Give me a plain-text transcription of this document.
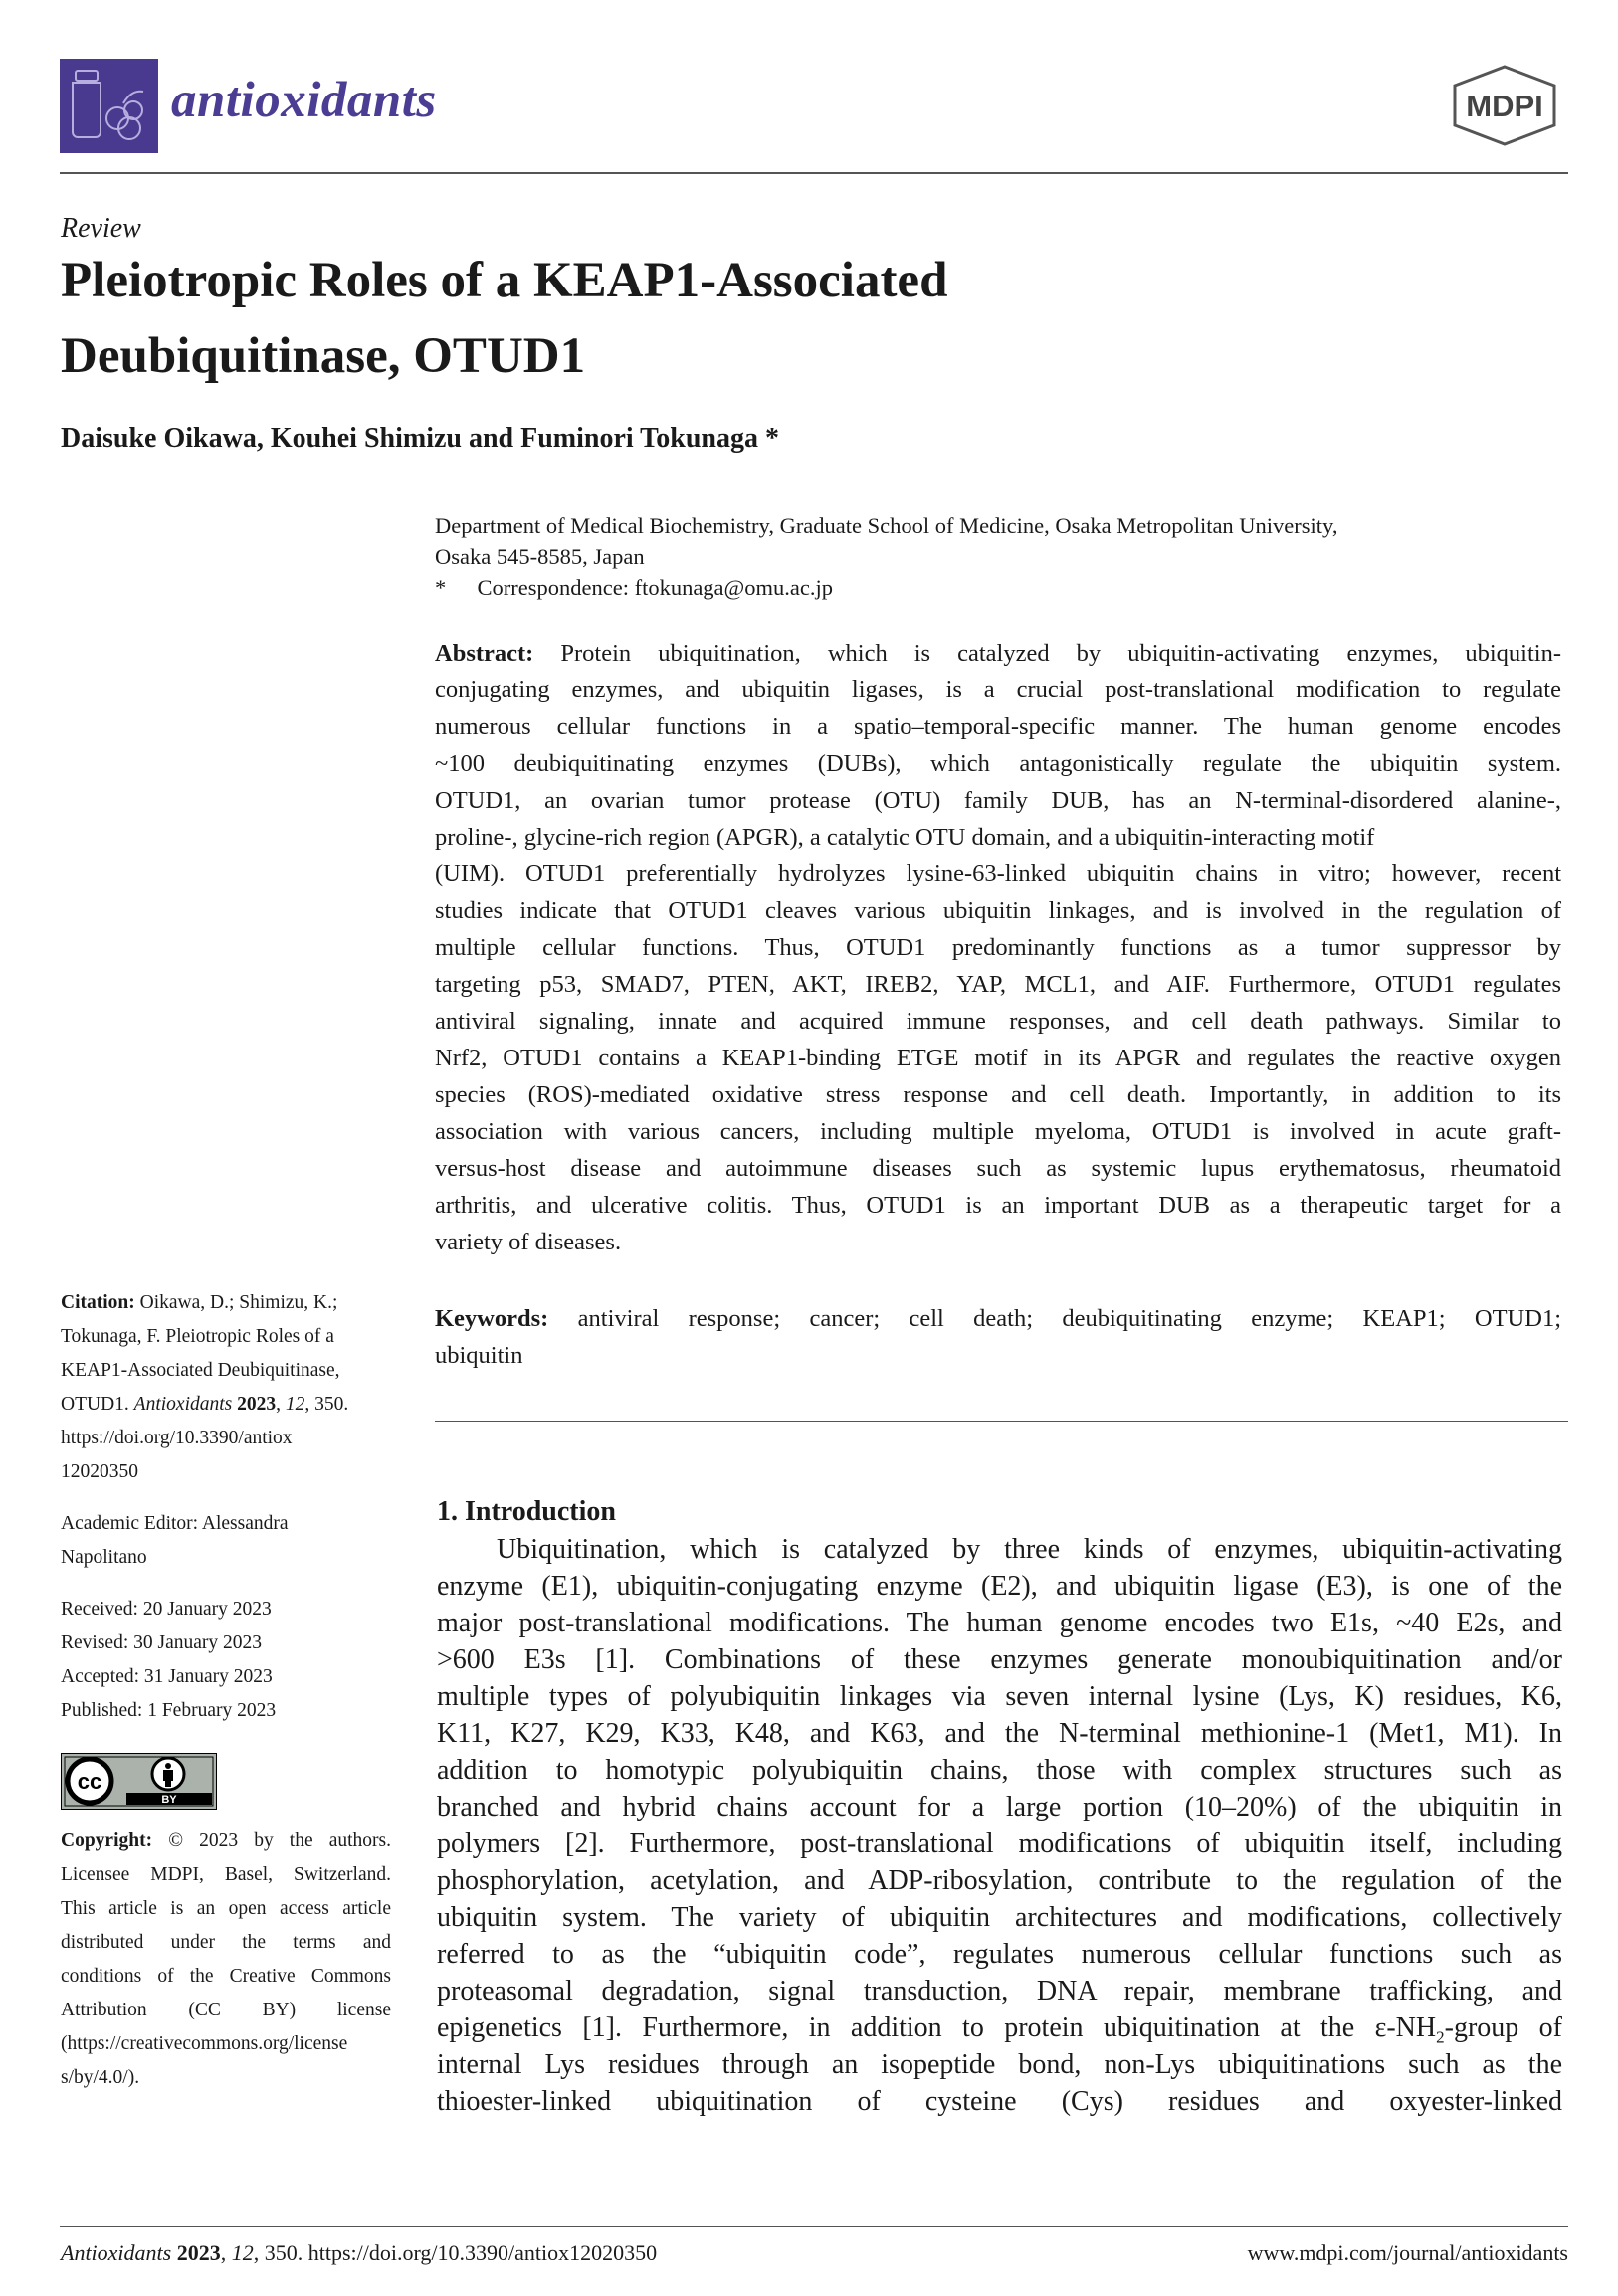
antioxidants	MDPI
Review
Pleiotropic Roles of a KEAP1-Associated
Deubiquitinase, OTUD1
Daisuke Oikawa, Kouhei Shimizu and Fuminori Tokunaga *
Department of Medical Biochemistry, Graduate School of Medicine, Osaka Metropolitan University,
Osaka 545-8585, Japan
* Correspondence: ftokunaga@omu.ac.jp
Abstract: Protein ubiquitination, which is catalyzed by ubiquitin-activating enzymes, ubiquitin-
conjugating enzymes, and ubiquitin ligases, is a crucial post-translational modification to regulate
numerous cellular functions in a spatio–temporal-specific manner. The human genome encodes
~100 deubiquitinating enzymes (DUBs), which antagonistically regulate the ubiquitin system.
OTUD1, an ovarian tumor protease (OTU) family DUB, has an N-terminal-disordered alanine-,
proline-, glycine-rich region (APGR), a catalytic OTU domain, and a ubiquitin-interacting motif
(UIM). OTUD1 preferentially hydrolyzes lysine-63-linked ubiquitin chains in vitro; however, recent
studies indicate that OTUD1 cleaves various ubiquitin linkages, and is involved in the regulation of
multiple cellular functions. Thus, OTUD1 predominantly functions as a tumor suppressor by
targeting p53, SMAD7, PTEN, AKT, IREB2, YAP, MCL1, and AIF. Furthermore, OTUD1 regulates
antiviral signaling, innate and acquired immune responses, and cell death pathways. Similar to
Nrf2, OTUD1 contains a KEAP1-binding ETGE motif in its APGR and regulates the reactive oxygen
species (ROS)-mediated oxidative stress response and cell death. Importantly, in addition to its
association with various cancers, including multiple myeloma, OTUD1 is involved in acute graft-
versus-host disease and autoimmune diseases such as systemic lupus erythematosus, rheumatoid
arthritis, and ulcerative colitis. Thus, OTUD1 is an important DUB as a therapeutic target for a
variety of diseases.
Keywords: antiviral response; cancer; cell death; deubiquitinating enzyme; KEAP1; OTUD1;
ubiquitin
Citation: Oikawa, D.; Shimizu, K.;
Tokunaga, F. Pleiotropic Roles of a
KEAP1-Associated Deubiquitinase,
OTUD1. Antioxidants 2023, 12, 350.
https://doi.org/10.3390/antiox
12020350
Academic Editor: Alessandra
Napolitano
Received: 20 January 2023
Revised: 30 January 2023
Accepted: 31 January 2023
Published: 1 February 2023
cc
BY
Copyright: © 2023 by the authors.
Licensee MDPI, Basel, Switzerland.
This article is an open access article
distributed under the terms and
conditions of the Creative Commons
Attribution (CC BY) license
(https://creativecommons.org/license
s/by/4.0/).
1. Introduction
Ubiquitination, which is catalyzed by three kinds of enzymes, ubiquitin-activating
enzyme (E1), ubiquitin-conjugating enzyme (E2), and ubiquitin ligase (E3), is one of the
major post-translational modifications. The human genome encodes two E1s, ~40 E2s, and
>600 E3s [1]. Combinations of these enzymes generate monoubiquitination and/or
multiple types of polyubiquitin linkages via seven internal lysine (Lys, K) residues, K6,
K11, K27, K29, K33, K48, and K63, and the N-terminal methionine-1 (Met1, M1). In
addition to homotypic polyubiquitin chains, those with complex structures such as
branched and hybrid chains account for a large portion (10–20%) of the ubiquitin in
polymers [2]. Furthermore, post-translational modifications of ubiquitin itself, including
phosphorylation, acetylation, and ADP-ribosylation, contribute to the regulation of the
ubiquitin system. The variety of ubiquitin architectures and modifications, collectively
referred to as the “ubiquitin code”, regulates numerous cellular functions such as
proteasomal degradation, signal transduction, DNA repair, membrane trafficking, and
epigenetics [1]. Furthermore, in addition to protein ubiquitination at the $\varepsilon-NH_2$-group of
internal Lys residues through an isopeptide bond, non-Lys ubiquitinations such as the
thioester-linked ubiquitination of cysteine (Cys) residues and oxyester-linked
Antioxidants 2023, 12, 350. https://doi.org/10.3390/antiox12020350	www.mdpi.com/journal/antioxidants
